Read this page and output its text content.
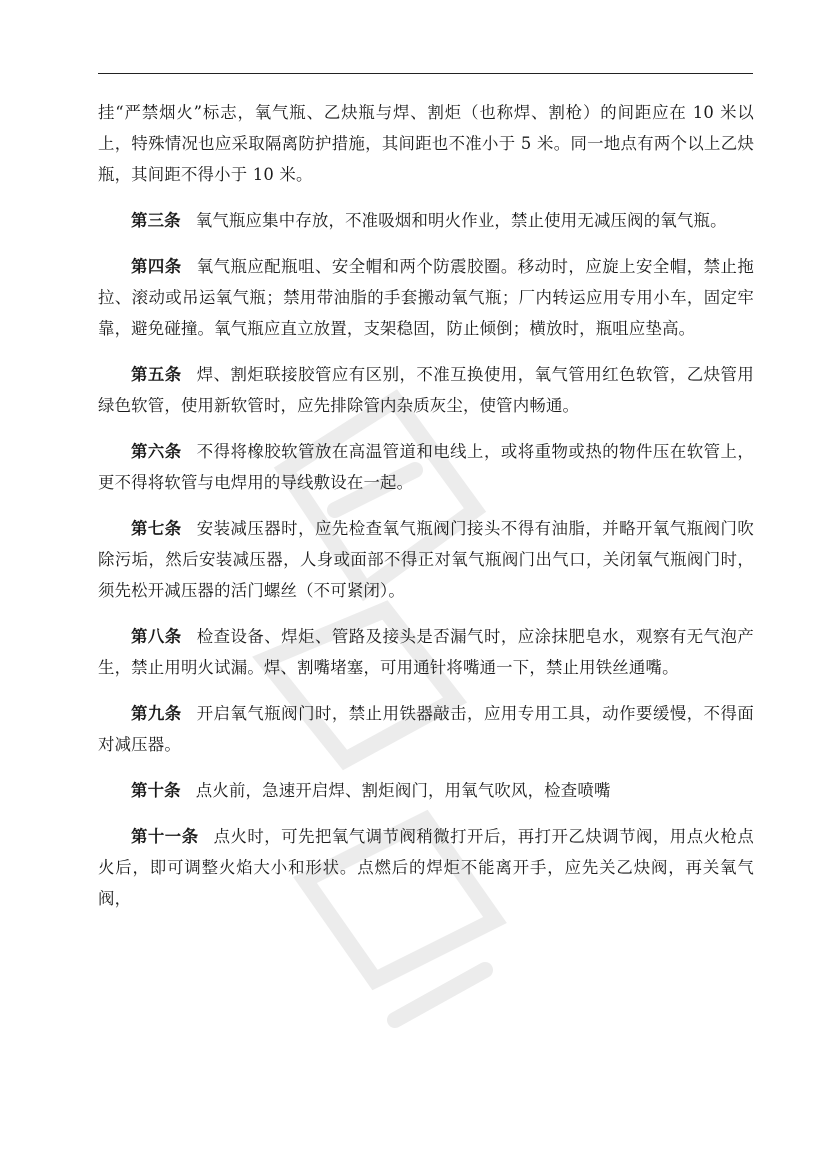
挂“严禁烟火”标志，氧气瓶、乙炔瓶与焊、割炬（也称焊、割枪）的间距应在 10 米以上，特殊情况也应采取隔离防护措施，其间距也不准小于 5 米。同一地点有两个以上乙炔瓶，其间距不得小于 10 米。

第三条 氧气瓶应集中存放，不准吸烟和明火作业，禁止使用无减压阀的氧气瓶。

第四条 氧气瓶应配瓶咀、安全帽和两个防震胶圈。移动时，应旋上安全帽，禁止拖拉、滚动或吊运氧气瓶；禁用带油脂的手套搬动氧气瓶；厂内转运应用专用小车，固定牢靠，避免碰撞。氧气瓶应直立放置，支架稳固，防止倾倒；横放时，瓶咀应垫高。

第五条 焊、割炬联接胶管应有区别，不准互换使用，氧气管用红色软管，乙炔管用绿色软管，使用新软管时，应先排除管内杂质灰尘，使管内畅通。

第六条 不得将橡胶软管放在高温管道和电线上，或将重物或热的物件压在软管上，更不得将软管与电焊用的导线敷设在一起。

第七条 安装减压器时，应先检查氧气瓶阀门接头不得有油脂，并略开氧气瓶阀门吹除污垢，然后安装减压器，人身或面部不得正对氧气瓶阀门出气口，关闭氧气瓶阀门时，须先松开减压器的活门螺丝（不可紧闭）。

第八条 检查设备、焊炬、管路及接头是否漏气时，应涂抹肥皂水，观察有无气泡产生，禁止用明火试漏。焊、割嘴堵塞，可用通针将嘴通一下，禁止用铁丝通嘴。

第九条 开启氧气瓶阀门时，禁止用铁器敲击，应用专用工具，动作要缓慢，不得面对减压器。

第十条 点火前，急速开启焊、割炬阀门，用氧气吹风，检查喷嘴

第十一条 点火时，可先把氧气调节阀稍微打开后，再打开乙炔调节阀，用点火枪点火后，即可调整火焰大小和形状。点燃后的焊炬不能离开手，应先关乙炔阀，再关氧气阀，
